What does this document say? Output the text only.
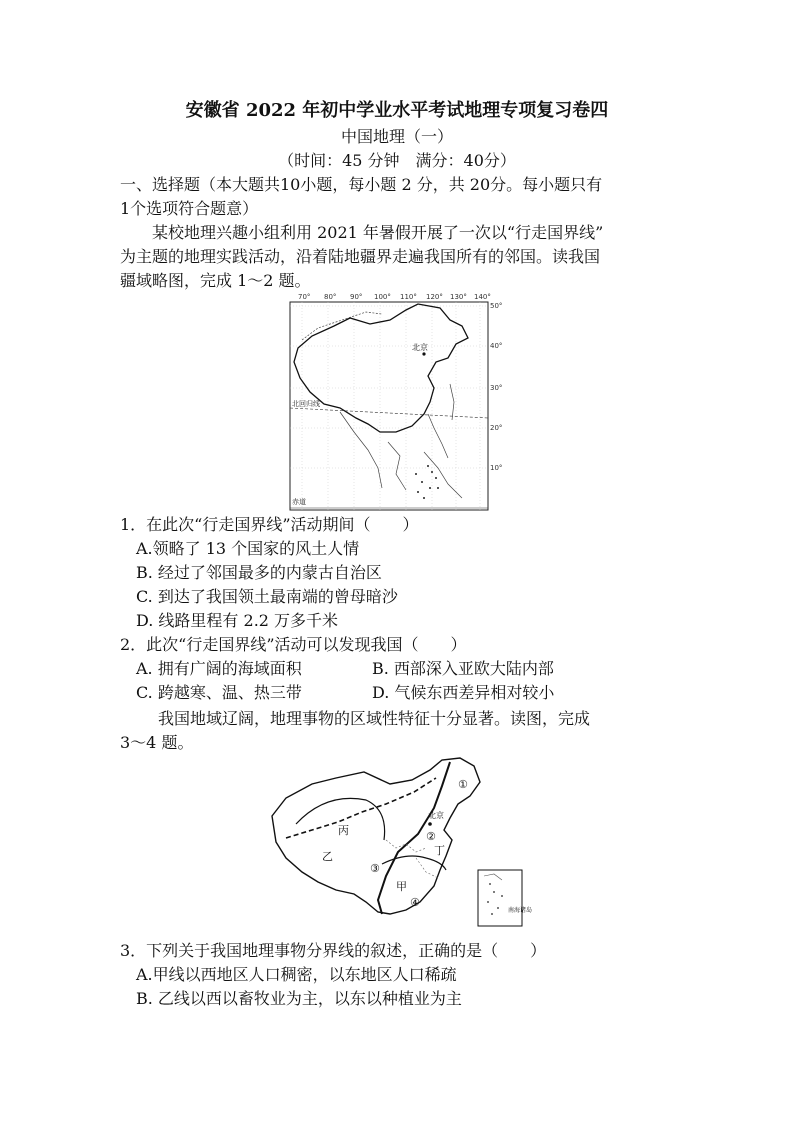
安徽省 2022 年初中学业水平考试地理专项复习卷四
中国地理（一）
（时间：45 分钟　满分：40分）
一、选择题（本大题共10小题，每小题 2 分，共 20分。每小题只有
1个选项符合题意）
某校地理兴趣小组利用 2021 年暑假开展了一次以“行走国界线”
为主题的地理实践活动，沿着陆地疆界走遍我国所有的邻国。读我国
疆域略图，完成 1～2 题。
70° 80° 90° 100° 110° 120° 130° 140°
50°
40°
30°
20°
10°
北京
北回归线
赤道
1．在此次“行走国界线”活动期间（　　）
A.领略了 13 个国家的风土人情
B. 经过了邻国最多的内蒙古自治区
C. 到达了我国领土最南端的曾母暗沙
D. 线路里程有 2.2 万多千米
2．此次“行走国界线”活动可以发现我国（　　）
A. 拥有广阔的海域面积	B. 西部深入亚欧大陆内部
C. 跨越寒、温、热三带	D. 气候东西差异相对较小
我国地域辽阔，地理事物的区域性特征十分显著。读图，完成
3～4 题。
①
②
③
④
甲
乙
丙
丁
北京
南海诸岛
3．下列关于我国地理事物分界线的叙述，正确的是（　　）
A.甲线以西地区人口稠密，以东地区人口稀疏
B. 乙线以西以畜牧业为主，以东以种植业为主
